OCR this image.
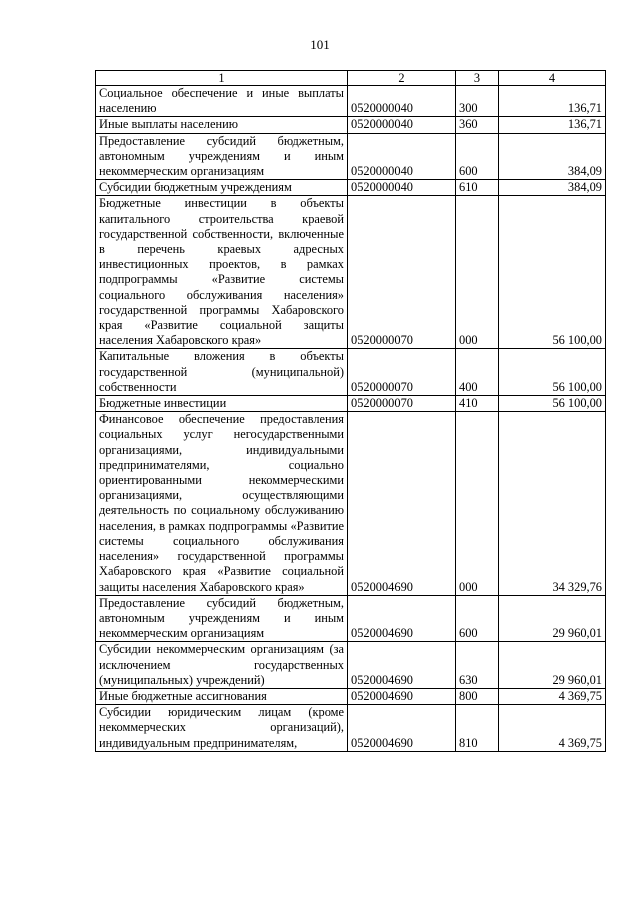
101
1	2	3	4
Социальное обеспечение и иные выплаты населению	0520000040	300	136,71
Иные выплаты населению	0520000040	360	136,71
Предоставление субсидий бюджетным, автономным учреждениям и иным некоммерческим организациям	0520000040	600	384,09
Субсидии бюджетным учреждениям	0520000040	610	384,09
Бюджетные инвестиции в объекты капитального строительства краевой государственной собственности, включенные в перечень краевых адресных инвестиционных проектов, в рамках подпрограммы «Развитие системы социального обслуживания населения» государственной программы Хабаровского края «Развитие социальной защиты населения Хабаровского края»	0520000070	000	56 100,00
Капитальные вложения в объекты государственной (муниципальной) собственности	0520000070	400	56 100,00
Бюджетные инвестиции	0520000070	410	56 100,00
Финансовое обеспечение предоставления социальных услуг негосударственными организациями, индивидуальными предпринимателями, социально ориентированными некоммерческими организациями, осуществляющими деятельность по социальному обслуживанию населения, в рамках подпрограммы «Развитие системы социального обслуживания населения» государственной программы Хабаровского края «Развитие социальной защиты населения Хабаровского края»	0520004690	000	34 329,76
Предоставление субсидий бюджетным, автономным учреждениям и иным некоммерческим организациям	0520004690	600	29 960,01
Субсидии некоммерческим организациям (за исключением государственных (муниципальных) учреждений)	0520004690	630	29 960,01
Иные бюджетные ассигнования	0520004690	800	4 369,75
Субсидии юридическим лицам (кроме некоммерческих организаций), индивидуальным предпринимателям,	0520004690	810	4 369,75
